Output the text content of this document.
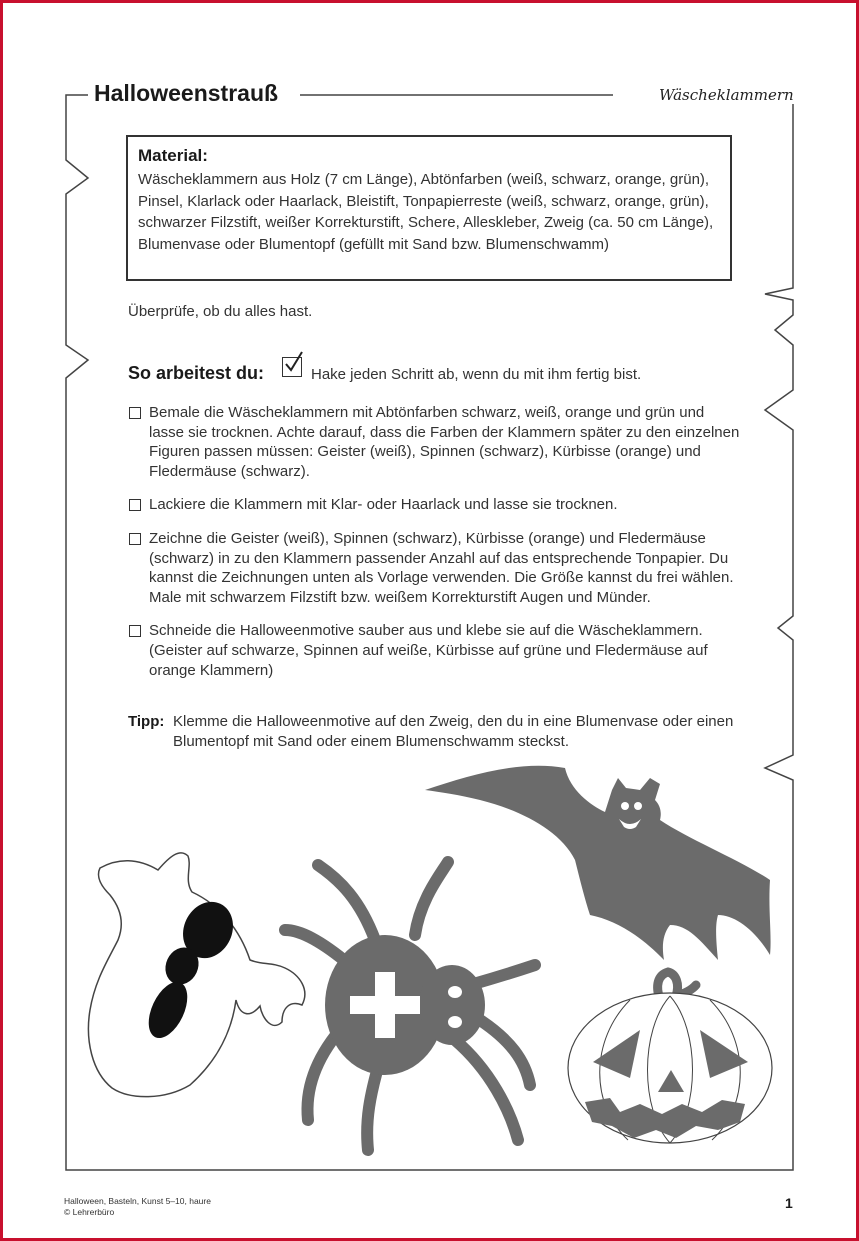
Halloweenstrauß	Wäscheklammern

Material:

Wäscheklammern aus Holz (7 cm Länge), Abtönfarben (weiß, schwarz, orange, grün), Pinsel, Klarlack oder Haarlack, Bleistift, Tonpapierreste (weiß, schwarz, orange, grün), schwarzer Filzstift, weißer Korrekturstift, Schere, Alleskleber, Zweig (ca. 50 cm Länge), Blumenvase oder Blumentopf (gefüllt mit Sand bzw. Blumenschwamm)

Überprüfe, ob du alles hast.
So arbeitest du:	Hake jeden Schritt ab, wenn du mit ihm fertig bist.
Bemale die Wäscheklammern mit Abtönfarben schwarz, weiß, orange und grün und lasse sie trocknen. Achte darauf, dass die Farben der Klammern später zu den einzelnen Figuren passen müssen: Geister (weiß), Spinnen (schwarz), Kürbisse (orange) und Fledermäuse (schwarz).
Lackiere die Klammern mit Klar- oder Haarlack und lasse sie trocknen.
Zeichne die Geister (weiß), Spinnen (schwarz), Kürbisse (orange) und Fledermäuse (schwarz) in zu den Klammern passender Anzahl auf das entsprechende Tonpapier. Du kannst die Zeichnungen unten als Vorlage verwenden. Die Größe kannst du frei wählen. Male mit schwarzem Filzstift bzw. weißem Korrekturstift Augen und Münder.
Schneide die Halloweenmotive sauber aus und klebe sie auf die Wäscheklammern. (Geister auf schwarze, Spinnen auf weiße, Kürbisse auf grüne und Fledermäuse auf orange Klammern)
Tipp: Klemme die Halloweenmotive auf den Zweig, den du in eine Blumenvase oder einen Blumentopf mit Sand oder einem Blumenschwamm steckst.
Halloween, Basteln, Kunst 5–10, haure
© Lehrerbüro
1
